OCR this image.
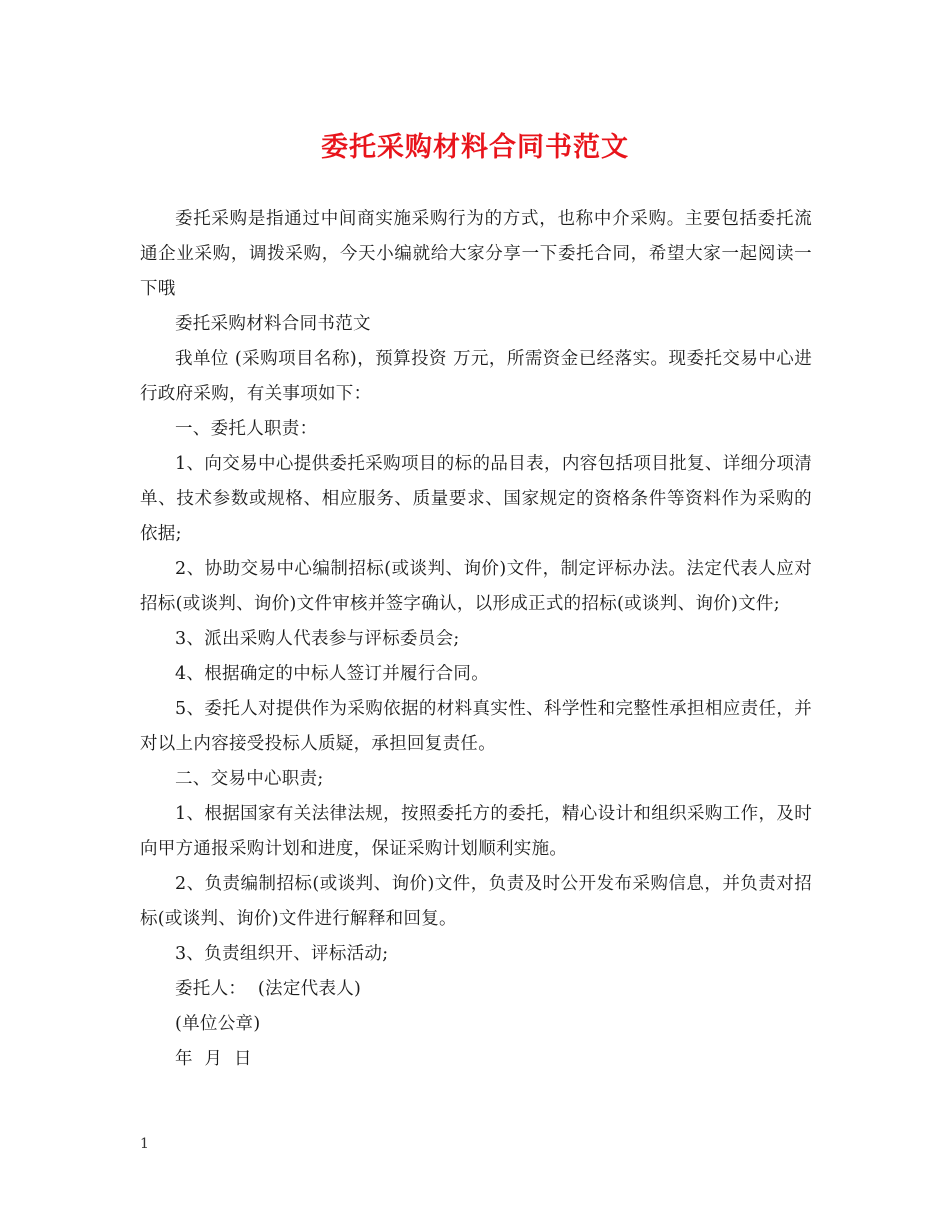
委托采购材料合同书范文

委托采购是指通过中间商实施采购行为的方式，也称中介采购。主要包括委托流通企业采购，调拨采购，今天小编就给大家分享一下委托合同，希望大家一起阅读一下哦

委托采购材料合同书范文

我单位 (采购项目名称)，预算投资 万元，所需资金已经落实。现委托交易中心进行政府采购，有关事项如下：

一、委托人职责：

1、向交易中心提供委托采购项目的标的品目表，内容包括项目批复、详细分项清单、技术参数或规格、相应服务、质量要求、国家规定的资格条件等资料作为采购的依据;

2、协助交易中心编制招标(或谈判、询价)文件，制定评标办法。法定代表人应对招标(或谈判、询价)文件审核并签字确认，以形成正式的招标(或谈判、询价)文件;

3、派出采购人代表参与评标委员会;

4、根据确定的中标人签订并履行合同。

5、委托人对提供作为采购依据的材料真实性、科学性和完整性承担相应责任，并对以上内容接受投标人质疑，承担回复责任。

二、交易中心职责;

1、根据国家有关法律法规，按照委托方的委托，精心设计和组织采购工作，及时向甲方通报采购计划和进度，保证采购计划顺利实施。

2、负责编制招标(或谈判、询价)文件，负责及时公开发布采购信息，并负责对招标(或谈判、询价)文件进行解释和回复。

3、负责组织开、评标活动;

委托人：  (法定代表人)

(单位公章)

年  月  日

1
